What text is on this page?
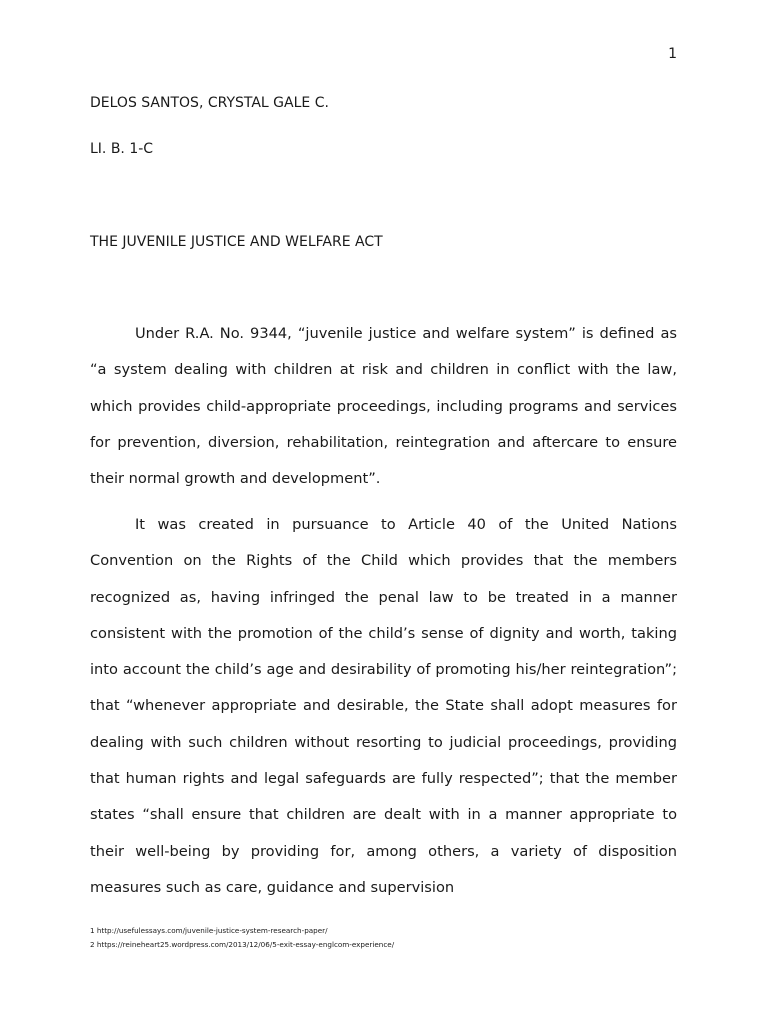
1
DELOS SANTOS, CRYSTAL GALE C.
LI. B. 1-C
THE JUVENILE JUSTICE AND WELFARE ACT

Under R.A. No. 9344, “juvenile justice and welfare system” is defined as “a system dealing with children at risk and children in conflict with the law, which provides child-appropriate proceedings, including programs and services for prevention, diversion, rehabilitation, reintegration and aftercare to ensure their normal growth and development”.

It was created in pursuance to Article 40 of the United Nations Convention on the Rights of the Child which provides that the members recognized as, having infringed the penal law to be treated in a manner consistent with the promotion of the child’s sense of dignity and worth, taking into account the child’s age and desirability of promoting his/her reintegration”; that “whenever appropriate and desirable, the State shall adopt measures for dealing with such children without resorting to judicial proceedings, providing that human rights and legal safeguards are fully respected”; that the member states “shall ensure that children are dealt with in a manner appropriate to their well-being by providing for, among others, a variety of disposition measures such as care, guidance and supervision

1 http://usefulessays.com/juvenile-justice-system-research-paper/
2 https://reineheart25.wordpress.com/2013/12/06/5-exit-essay-englcom-experience/
